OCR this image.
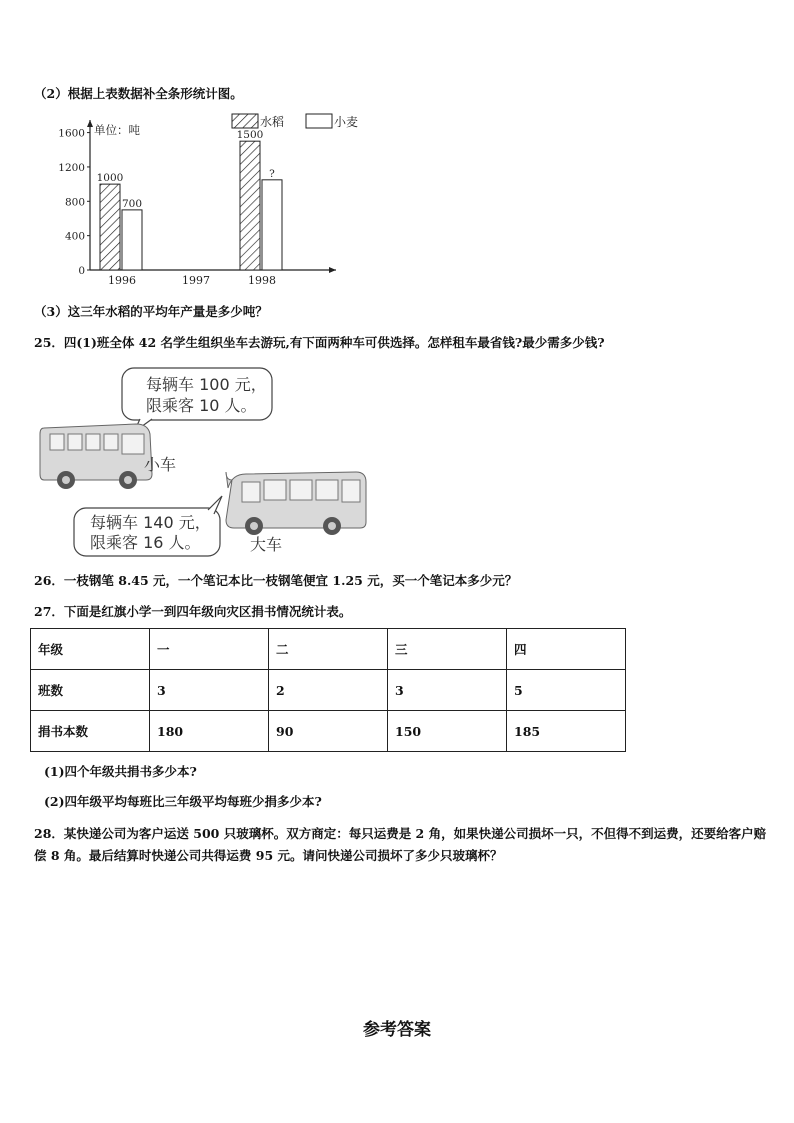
（2）根据上表数据补全条形统计图。
单位：吨
0
400
800
1200
1600
1996	1997	1998
1000
700
1500
?
水稻	小麦
（3）这三年水稻的平均年产量是多少吨？
25．四(1)班全体 42 名学生组织坐车去游玩,有下面两种车可供选择。怎样租车最省钱?最少需多少钱?
每辆车 100 元，
限乘客 10 人。
小车
大车
每辆车 140 元，
限乘客 16 人。
26．一枝钢笔 8.45 元，一个笔记本比一枝钢笔便宜 1.25 元，买一个笔记本多少元？
27．下面是红旗小学一到四年级向灾区捐书情况统计表。
年级	一	二	三	四
班数	3	2	3	5
捐书本数	180	90	150	185
(1)四个年级共捐书多少本?
(2)四年级平均每班比三年级平均每班少捐多少本?
28．某快递公司为客户运送 500 只玻璃杯。双方商定：每只运费是 2 角，如果快递公司损坏一只，不但得不到运费，还要给客户赔偿 8 角。最后结算时快递公司共得运费 95 元。请问快递公司损坏了多少只玻璃杯？
参考答案
